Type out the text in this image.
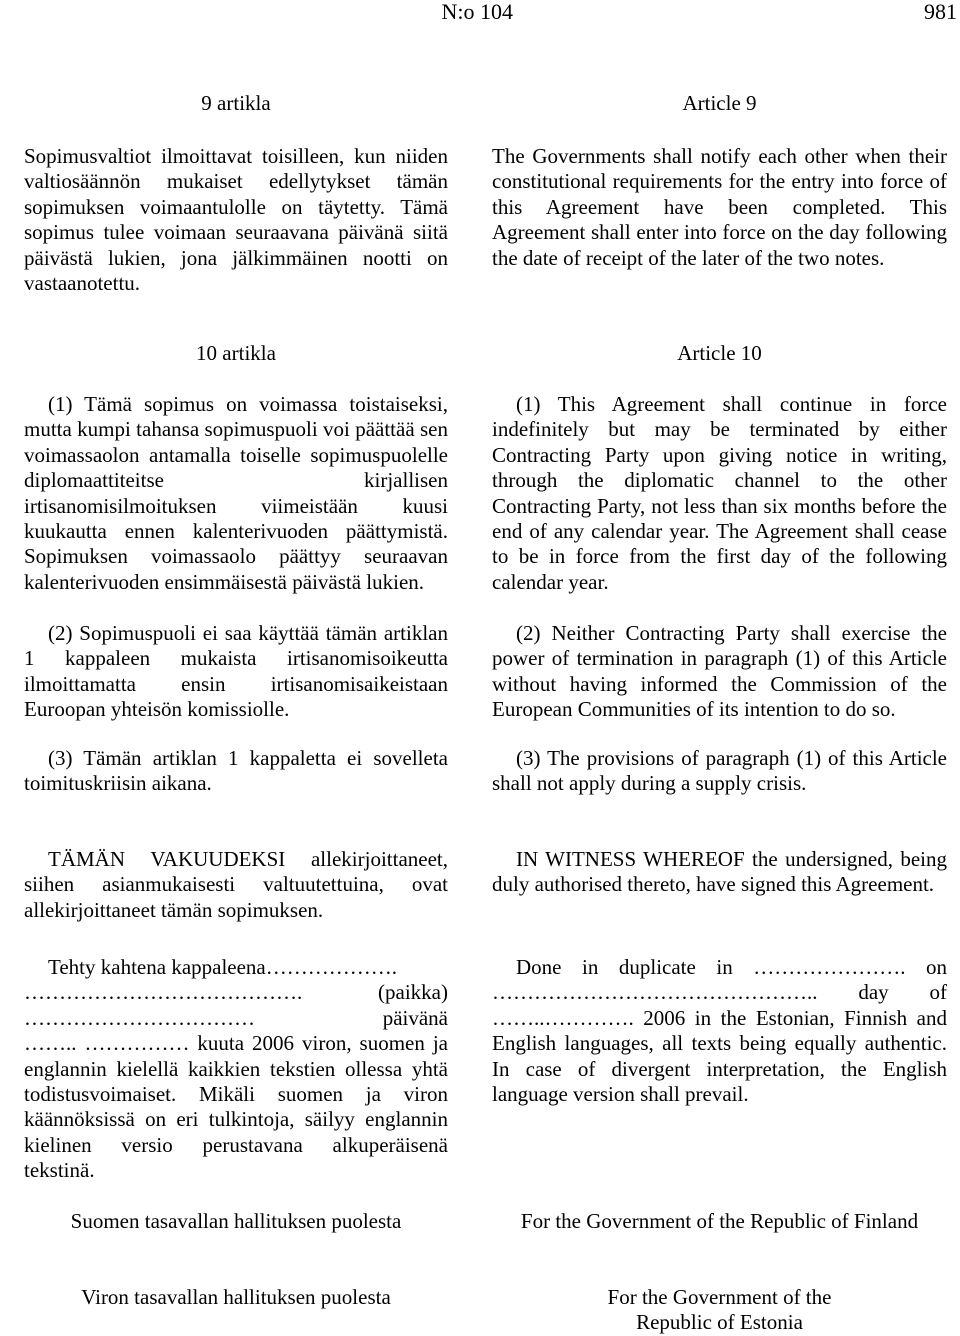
N:o 104	981
9 artikla

Sopimusvaltiot ilmoittavat toisilleen, kun niiden valtiosäännön mukaiset edellytykset tämän sopimuksen voimaantulolle on täytetty. Tämä sopimus tulee voimaan seuraavana päivänä siitä päivästä lukien, jona jälkimmäinen nootti on vastaanotettu.

10 artikla

(1) Tämä sopimus on voimassa toistaiseksi, mutta kumpi tahansa sopimuspuoli voi päättää sen voimassaolon antamalla toiselle sopimuspuolelle diplomaattiteitse kirjallisen irtisanomisilmoituksen viimeistään kuusi kuukautta ennen kalenterivuoden päättymistä. Sopimuksen voimassaolo päättyy seuraavan kalenterivuoden ensimmäisestä päivästä lukien.

(2) Sopimuspuoli ei saa käyttää tämän artiklan 1 kappaleen mukaista irtisanomisoikeutta ilmoittamatta ensin irtisanomisaikeistaan Euroopan yhteisön komissiolle.

(3) Tämän artiklan 1 kappaletta ei sovelleta toimituskriisin aikana.

TÄMÄN VAKUUDEKSI allekirjoittaneet, siihen asianmukaisesti valtuutettuina, ovat allekirjoittaneet tämän sopimuksen.

Tehty kahtena kappaleena……………….
…………………………………. (paikka)
…………………………… päivänä
…….. …………… kuuta 2006 viron, suomen ja englannin kielellä kaikkien tekstien ollessa yhtä todistusvoimaiset. Mikäli suomen ja viron käännöksissä on eri tulkintoja, säilyy englannin kielinen versio perustavana alkuperäisenä tekstinä.

Suomen tasavallan hallituksen puolesta

Viron tasavallan hallituksen puolesta

Article 9

The Governments shall notify each other when their constitutional requirements for the entry into force of this Agreement have been completed. This Agreement shall enter into force on the day following the date of receipt of the later of the two notes.

Article 10

(1) This Agreement shall continue in force indefinitely but may be terminated by either Contracting Party upon giving notice in writing, through the diplomatic channel to the other Contracting Party, not less than six months before the end of any calendar year. The Agreement shall cease to be in force from the first day of the following calendar year.

(2) Neither Contracting Party shall exercise the power of termination in paragraph (1) of this Article without having informed the Commission of the European Communities of its intention to do so.

(3) The provisions of paragraph (1) of this Article shall not apply during a supply crisis.

IN WITNESS WHEREOF the undersigned, being duly authorised thereto, have signed this Agreement.

Done in duplicate in …………………. on
……………………………………….. day of
……..…………. 2006 in the Estonian, Finnish and English languages, all texts being equally authentic. In case of divergent interpretation, the English language version shall prevail.

For the Government of the Republic of Finland

For the Government of the Republic of Estonia
